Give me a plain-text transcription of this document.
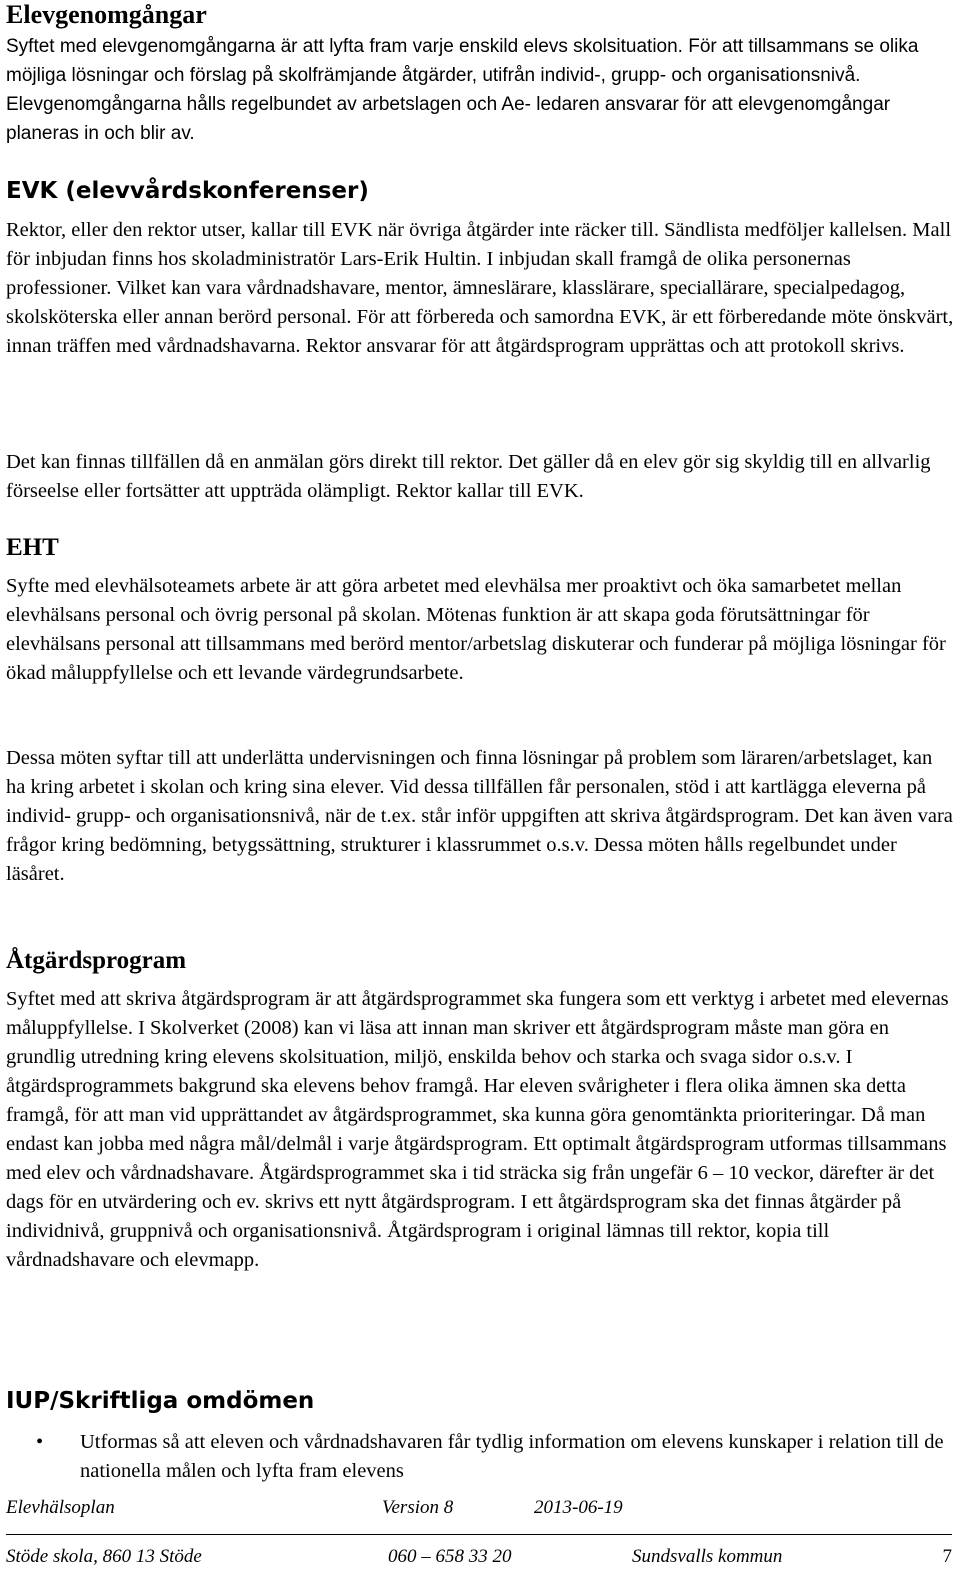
Elevgenomgångar

Syftet med elevgenomgångarna är att lyfta fram varje enskild elevs skolsituation. För att tillsammans se olika möjliga lösningar och förslag på skolfrämjande åtgärder, utifrån individ-, grupp- och organisationsnivå. Elevgenomgångarna hålls regelbundet av arbetslagen och Ae- ledaren ansvarar för att elevgenomgångar planeras in och blir av.

EVK (elevvårdskonferenser)

Rektor, eller den rektor utser, kallar till EVK när övriga åtgärder inte räcker till. Sändlista medföljer kallelsen. Mall för inbjudan finns hos skoladministratör Lars-Erik Hultin. I inbjudan skall framgå de olika personernas professioner. Vilket kan vara vårdnadshavare, mentor, ämneslärare, klasslärare, speciallärare, specialpedagog, skolsköterska eller annan berörd personal. För att förbereda och samordna EVK, är ett förberedande möte önskvärt, innan träffen med vårdnadshavarna. Rektor ansvarar för att åtgärdsprogram upprättas och att protokoll skrivs.

Det kan finnas tillfällen då en anmälan görs direkt till rektor. Det gäller då en elev gör sig skyldig till en allvarlig förseelse eller fortsätter att uppträda olämpligt. Rektor kallar till EVK.

EHT

Syfte med elevhälsoteamets arbete är att göra arbetet med elevhälsa mer proaktivt och öka samarbetet mellan elevhälsans personal och övrig personal på skolan. Mötenas funktion är att skapa goda förutsättningar för elevhälsans personal att tillsammans med berörd mentor/arbetslag diskuterar och funderar på möjliga lösningar för ökad måluppfyllelse och ett levande värdegrundsarbete.

Dessa möten syftar till att underlätta undervisningen och finna lösningar på problem som läraren/arbetslaget, kan ha kring arbetet i skolan och kring sina elever. Vid dessa tillfällen får personalen, stöd i att kartlägga eleverna på individ- grupp- och organisationsnivå, när de t.ex. står inför uppgiften att skriva åtgärdsprogram. Det kan även vara frågor kring bedömning, betygssättning, strukturer i klassrummet o.s.v. Dessa möten hålls regelbundet under läsåret.

Åtgärdsprogram

Syftet med att skriva åtgärdsprogram är att åtgärdsprogrammet ska fungera som ett verktyg i arbetet med elevernas måluppfyllelse. I Skolverket (2008) kan vi läsa att innan man skriver ett åtgärdsprogram måste man göra en grundlig utredning kring elevens skolsituation, miljö, enskilda behov och starka och svaga sidor o.s.v. I åtgärdsprogrammets bakgrund ska elevens behov framgå. Har eleven svårigheter i flera olika ämnen ska detta framgå, för att man vid upprättandet av åtgärdsprogrammet, ska kunna göra genomtänkta prioriteringar. Då man endast kan jobba med några mål/delmål i varje åtgärdsprogram. Ett optimalt åtgärdsprogram utformas tillsammans med elev och vårdnadshavare. Åtgärdsprogrammet ska i tid sträcka sig från ungefär 6 – 10 veckor, därefter är det dags för en utvärdering och ev. skrivs ett nytt åtgärdsprogram. I ett åtgärdsprogram ska det finnas åtgärder på individnivå, gruppnivå och organisationsnivå. Åtgärdsprogram i original lämnas till rektor, kopia till vårdnadshavare och elevmapp.

IUP/Skriftliga omdömen
•	Utformas så att eleven och vårdnadshavaren får tydlig information om elevens kunskaper i relation till de nationella målen och lyfta fram elevens
Elevhälsoplan	Version 8	2013-06-19
Stöde skola, 860 13 Stöde	060 – 658 33 20	Sundsvalls kommun	7
